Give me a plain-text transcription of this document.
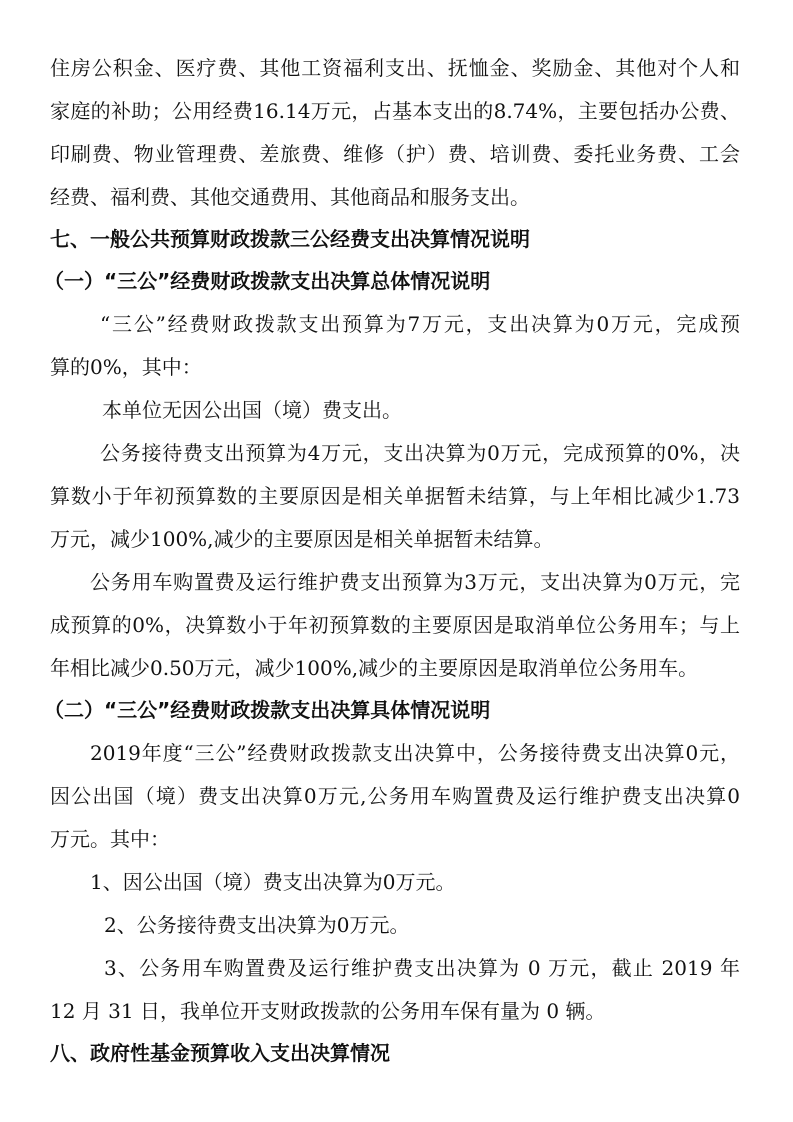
住房公积金、医疗费、其他工资福利支出、抚恤金、奖励金、其他对个人和
家庭的补助；公用经费16.14万元，占基本支出的8.74%，主要包括办公费、
印刷费、物业管理费、差旅费、维修（护）费、培训费、委托业务费、工会
经费、福利费、其他交通费用、其他商品和服务支出。
七、一般公共预算财政拨款三公经费支出决算情况说明
（一）“三公”经费财政拨款支出决算总体情况说明
“三公”经费财政拨款支出预算为7万元，支出决算为0万元，完成预
算的0%，其中：
本单位无因公出国（境）费支出。
公务接待费支出预算为4万元，支出决算为0万元，完成预算的0%，决
算数小于年初预算数的主要原因是相关单据暂未结算，与上年相比减少1.73
万元，减少100%,减少的主要原因是相关单据暂未结算。
公务用车购置费及运行维护费支出预算为3万元，支出决算为0万元，完
成预算的0%，决算数小于年初预算数的主要原因是取消单位公务用车；与上
年相比减少0.50万元，减少100%,减少的主要原因是取消单位公务用车。
（二）“三公”经费财政拨款支出决算具体情况说明
2019年度“三公”经费财政拨款支出决算中，公务接待费支出决算0元，
因公出国（境）费支出决算0万元,公务用车购置费及运行维护费支出决算0
万元。其中：
1、因公出国（境）费支出决算为0万元。
2、公务接待费支出决算为0万元。
3、公务用车购置费及运行维护费支出决算为 0 万元，截止 2019 年
12 月 31 日，我单位开支财政拨款的公务用车保有量为 0 辆。
八、政府性基金预算收入支出决算情况
